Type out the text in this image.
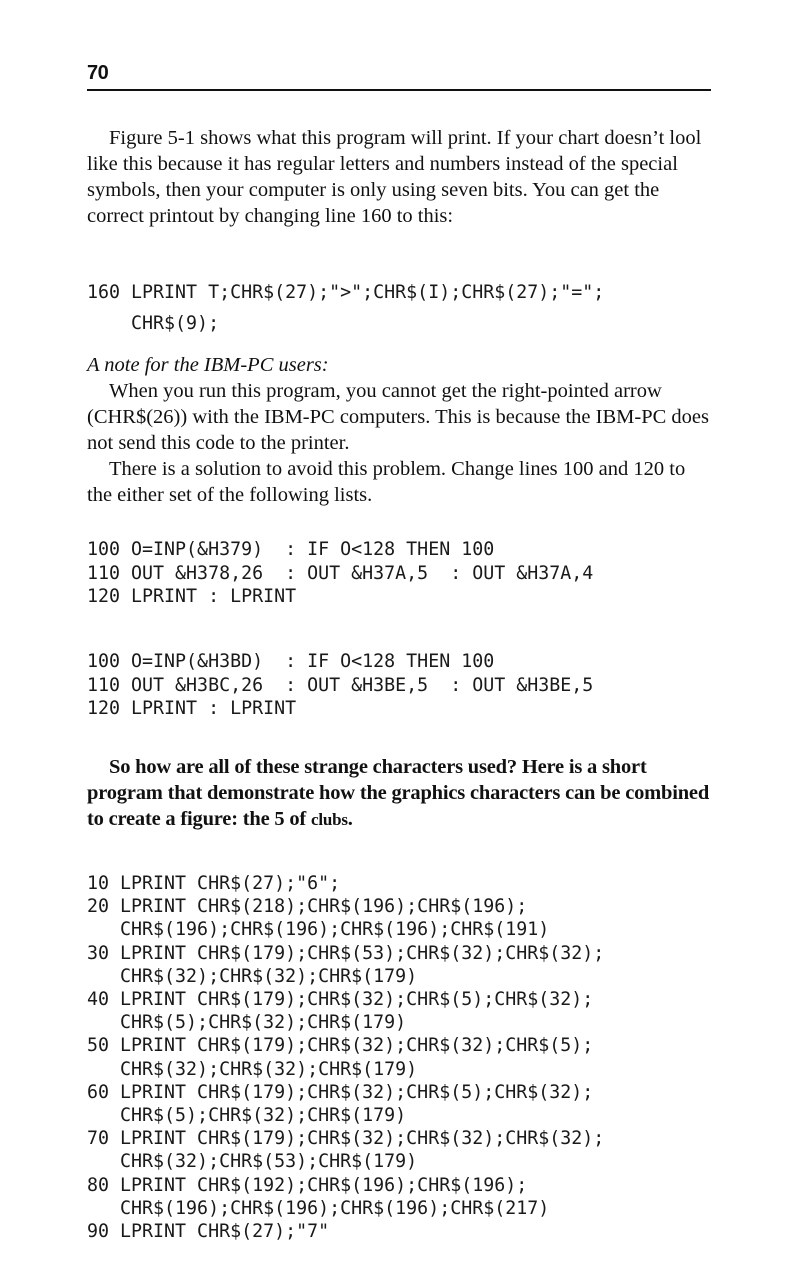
70

Figure 5-1 shows what this program will print. If your chart doesn’t lool like this because it has regular letters and numbers instead of the special symbols, then your computer is only using seven bits. You can get the correct printout by changing line 160 to this:

160 LPRINT T;CHR$(27);">";CHR$(I);CHR$(27);"=";
CHR$(9);

A note for the IBM-PC users:

When you run this program, you cannot get the right-pointed arrow (CHR$(26)) with the IBM-PC computers. This is because the IBM-PC does not send this code to the printer.

There is a solution to avoid this problem. Change lines 100 and 120 to the either set of the following lists.

100 O=INP(&H379)  : IF O<128 THEN 100
110 OUT &H378,26  : OUT &H37A,5  : OUT &H37A,4
120 LPRINT : LPRINT
100 O=INP(&H3BD)  : IF O<128 THEN 100
110 OUT &H3BC,26  : OUT &H3BE,5  : OUT &H3BE,5
120 LPRINT : LPRINT

So how are all of these strange characters used? Here is a short program that demonstrate how the graphics characters can be combined to create a figure: the 5 of clubs.

10 LPRINT CHR$(27);"6";
20 LPRINT CHR$(218);CHR$(196);CHR$(196);
CHR$(196);CHR$(196);CHR$(196);CHR$(191)
30 LPRINT CHR$(179);CHR$(53);CHR$(32);CHR$(32);
CHR$(32);CHR$(32);CHR$(179)
40 LPRINT CHR$(179);CHR$(32);CHR$(5);CHR$(32);
CHR$(5);CHR$(32);CHR$(179)
50 LPRINT CHR$(179);CHR$(32);CHR$(32);CHR$(5);
CHR$(32);CHR$(32);CHR$(179)
60 LPRINT CHR$(179);CHR$(32);CHR$(5);CHR$(32);
CHR$(5);CHR$(32);CHR$(179)
70 LPRINT CHR$(179);CHR$(32);CHR$(32);CHR$(32);
CHR$(32);CHR$(53);CHR$(179)
80 LPRINT CHR$(192);CHR$(196);CHR$(196);
CHR$(196);CHR$(196);CHR$(196);CHR$(217)
90 LPRINT CHR$(27);"7"
